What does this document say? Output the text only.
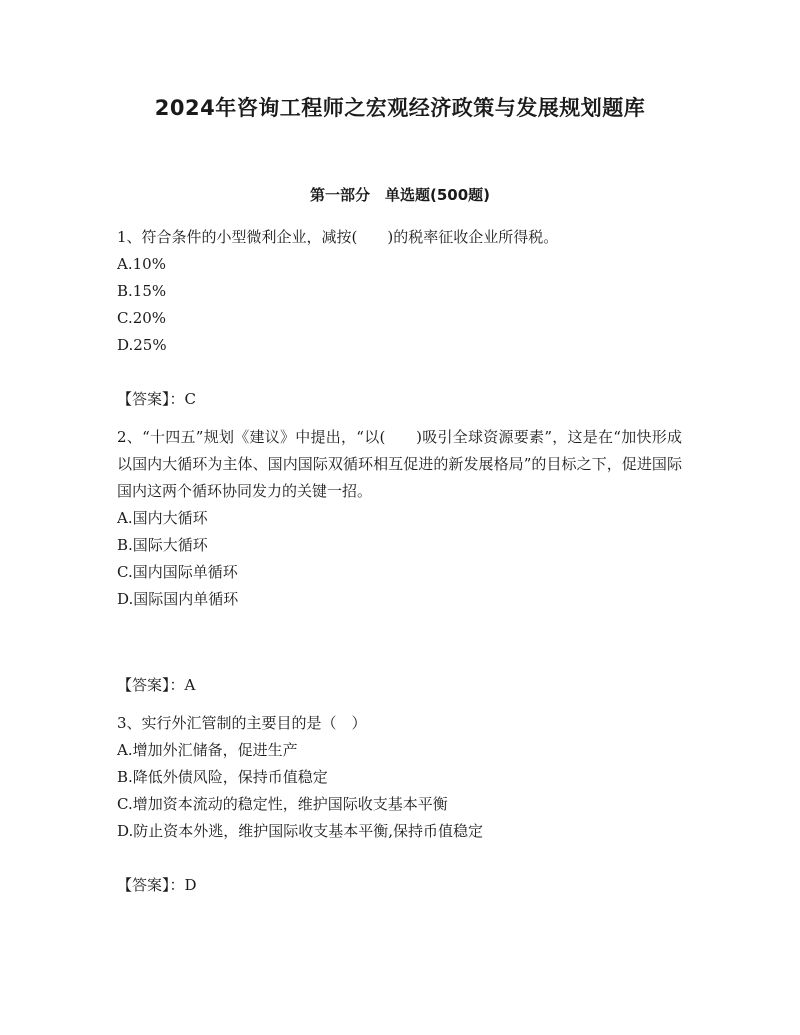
2024年咨询工程师之宏观经济政策与发展规划题库
第一部分　单选题(500题)

1、符合条件的小型微利企业，减按(　　)的税率征收企业所得税。

A.10%

B.15%

C.20%

D.25%

【答案】：C

2、“十四五”规划《建议》中提出，“以(　　)吸引全球资源要素”，这是在“加快形成以国内大循环为主体、国内国际双循环相互促进的新发展格局”的目标之下，促进国际国内这两个循环协同发力的关键一招。

A.国内大循环

B.国际大循环

C.国内国际单循环

D.国际国内单循环

【答案】：A

3、实行外汇管制的主要目的是（　）

A.增加外汇储备，促进生产

B.降低外债风险，保持币值稳定

C.增加资本流动的稳定性，维护国际收支基本平衡

D.防止资本外逃，维护国际收支基本平衡,保持币值稳定

【答案】：D
